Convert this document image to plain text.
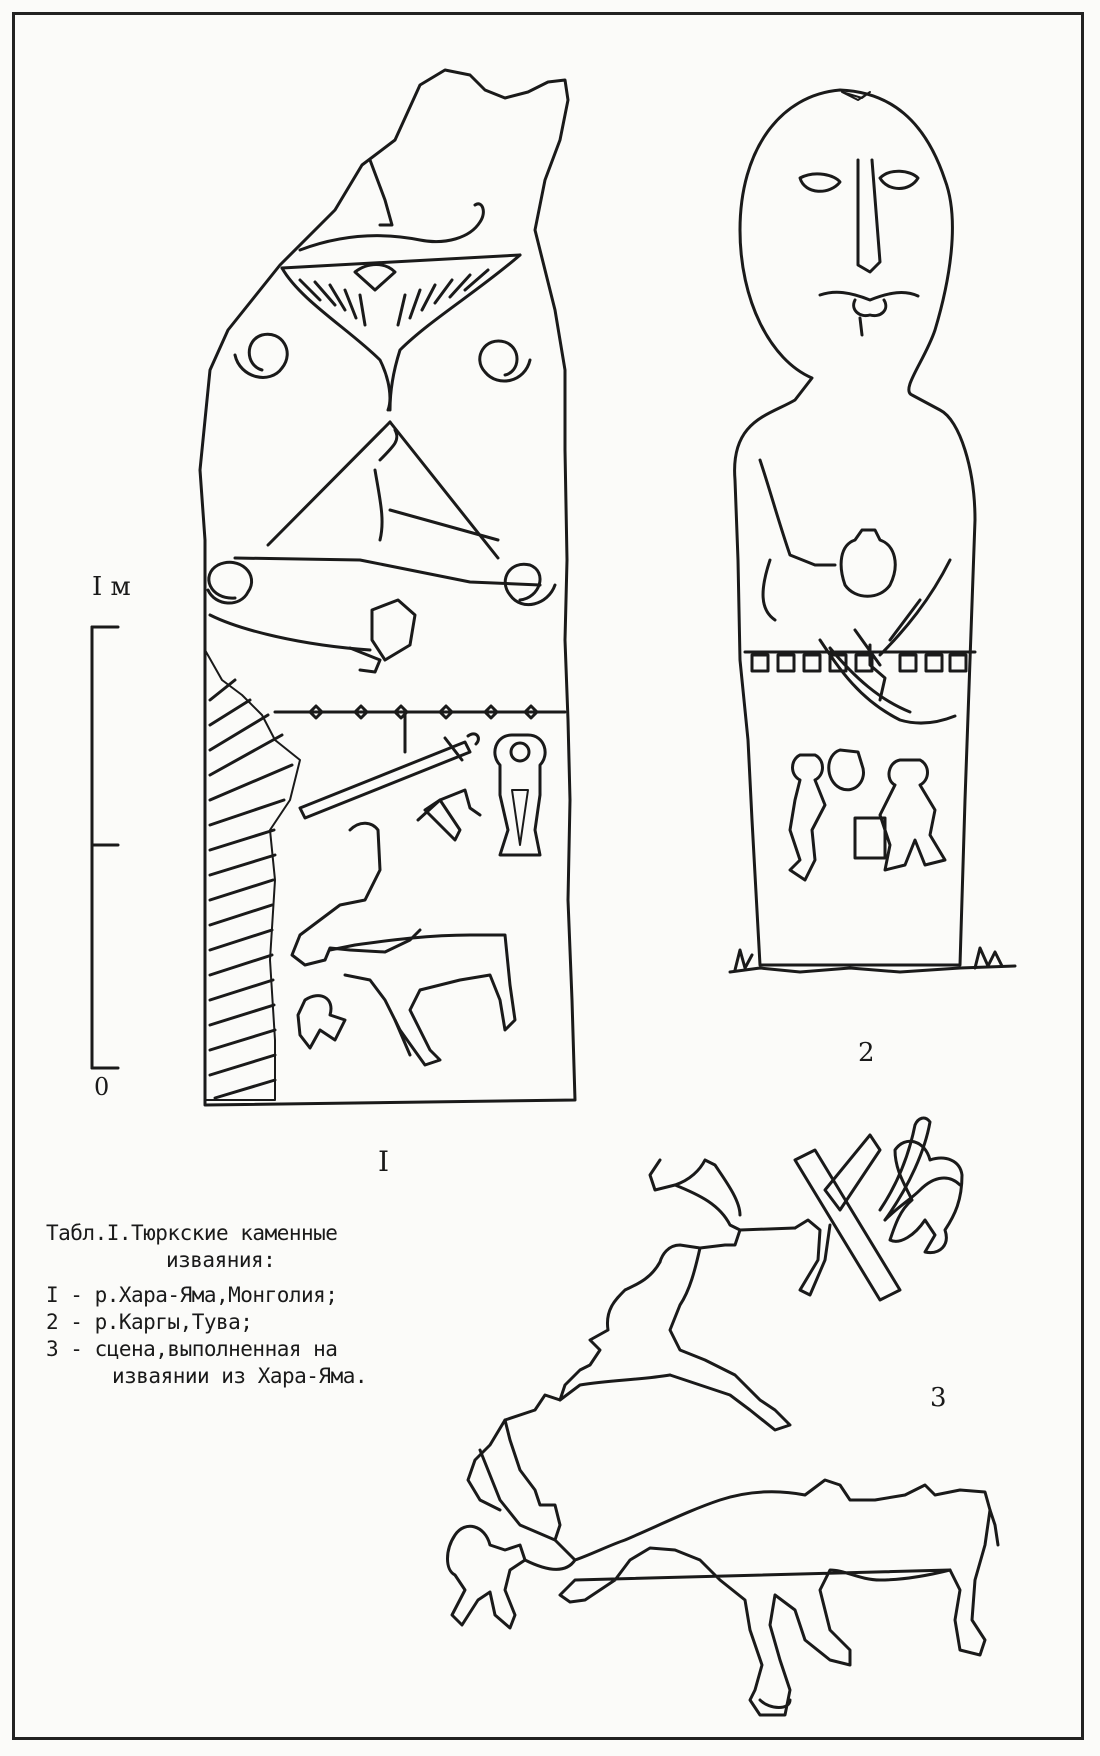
I м
0
I
2
3
Табл.I.Тюркские каменные
изваяния:
I - р.Хара-Яма,Монголия;
2 - р.Каргы,Тува;
3 - сцена,выполненная на
изваянии из Хара-Яма.
